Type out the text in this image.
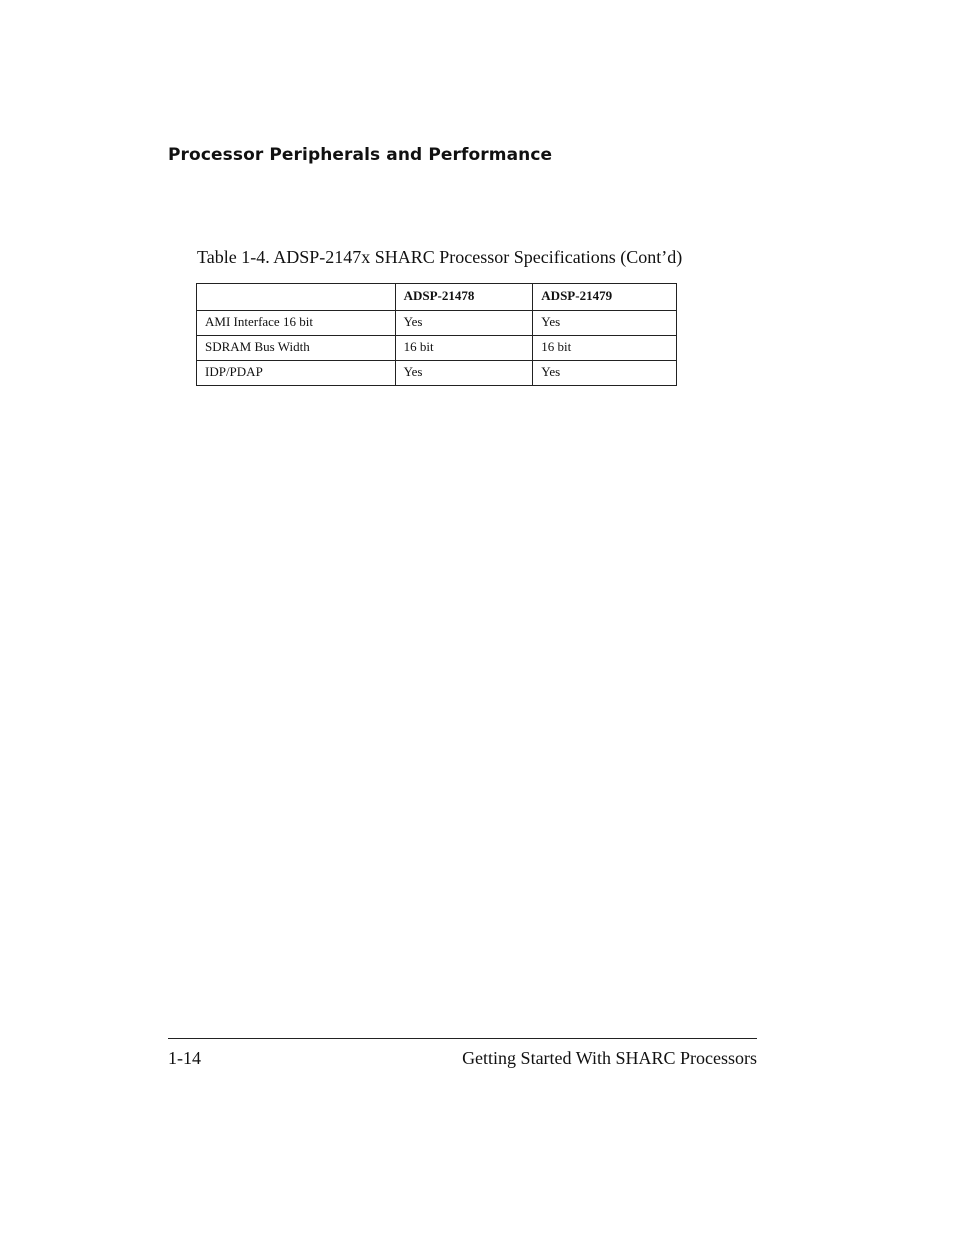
Processor Peripherals and Performance

Table 1-4. ADSP-2147x SHARC Processor Specifications (Cont’d)

	ADSP-21478	ADSP-21479
AMI Interface 16 bit	Yes	Yes
SDRAM Bus Width	16 bit	16 bit
IDP/PDAP	Yes	Yes
1-14	Getting Started With SHARC Processors
